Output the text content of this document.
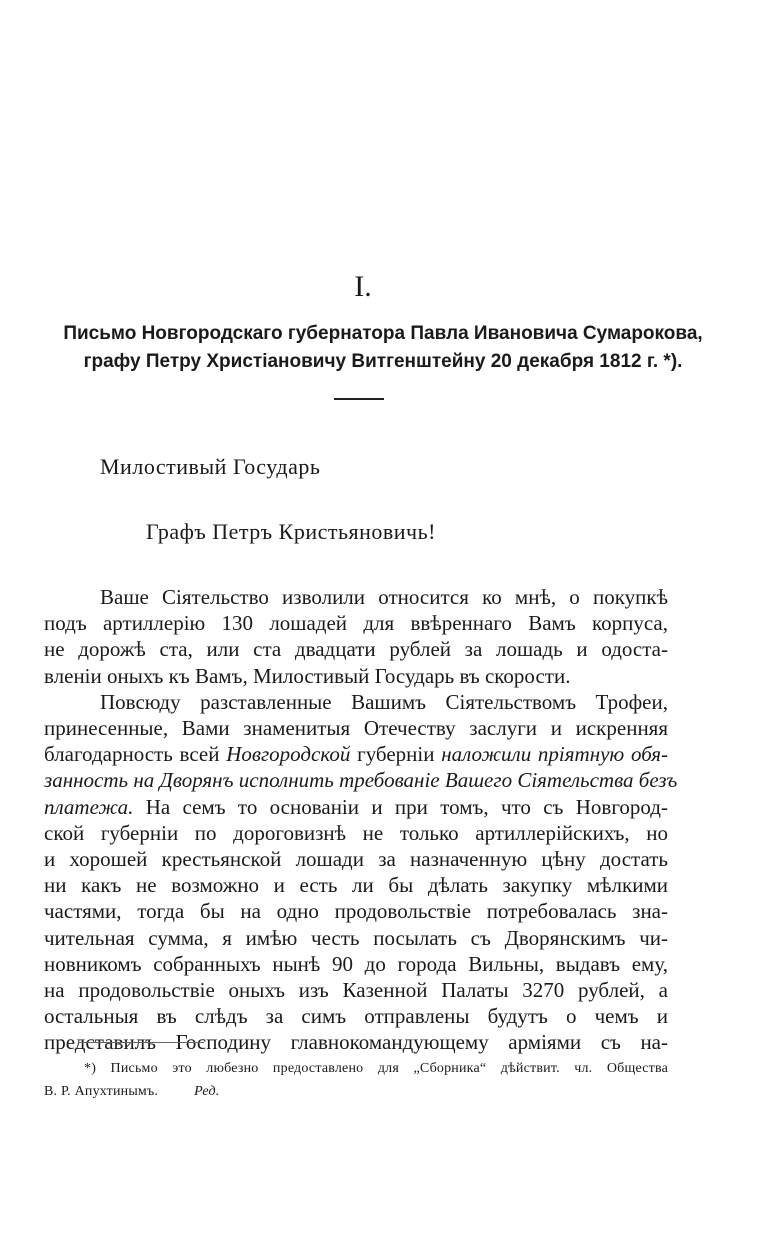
I.

Письмо Новгородскаго губернатора Павла Ивановича Сумарокова,

графу Петру Христіановичу Витгенштейну 20 декабря 1812 г. *).

Милостивый Государь
Графъ Петръ Кристьяновичь!
Ваше Сіятельство изволили относится ко мнѣ, о покупкѣ
подъ артиллерію 130 лошадей для ввѣреннаго Вамъ корпуса,
не дорожѣ ста, или ста двадцати рублей за лошадь и одоста-
вленіи оныхъ къ Вамъ, Милостивый Государь въ скорости.
Повсюду разставленные Вашимъ Сіятельствомъ Трофеи,
принесенные, Вами знаменитыя Отечеству заслуги и искренняя
благодарность всей Новгородской губерніи наложили пріятную обя-
занность на Дворянъ исполнить требованіе Вашего Сіятельства безъ
платежа. На семъ то основаніи и при томъ, что съ Новгород-
ской губерніи по дороговизнѣ не только артиллерійскихъ, но
и хорошей крестьянской лошади за назначенную цѣну достать
ни какъ не возможно и есть ли бы дѣлать закупку мѣлкими
частями, тогда бы на одно продовольствіе потребовалась зна-
чительная сумма, я имѣю честь посылать съ Дворянскимъ чи-
новникомъ собранныхъ нынѣ 90 до города Вильны, выдавъ ему,
на продовольствіе оныхъ изъ Казенной Палаты 3270 рублей, а
остальныя въ слѣдъ за симъ отправлены будутъ о чемъ и
представилъ Господину главнокомандующему арміями съ на-
*) Письмо это любезно предоставлено для „Сборника“ дѣйствит. чл. Общества
В. Р. Апухтинымъ.	Ред.
